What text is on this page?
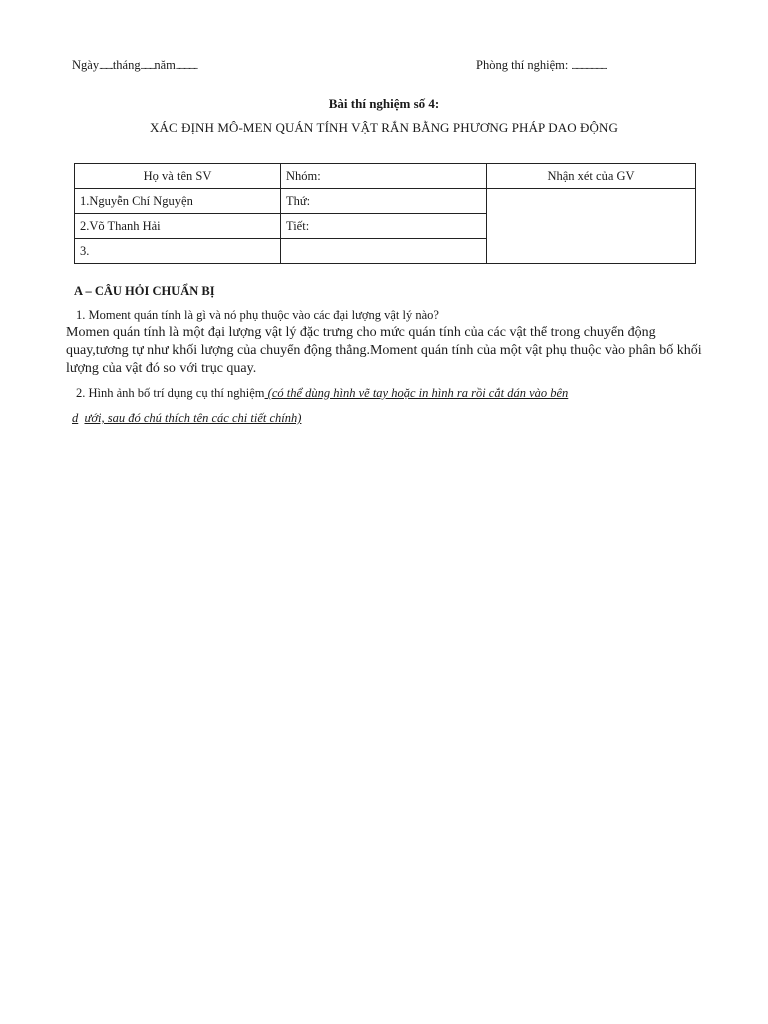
Ngày...........tháng...........năm.................	Phòng thí nghiệm: ............................
Bài thí nghiệm số 4:
XÁC ĐỊNH MÔ-MEN QUÁN TÍNH VẬT RẮN BẰNG PHƯƠNG PHÁP DAO ĐỘNG
Họ và tên SV	Nhóm:	Nhận xét của GV
1.Nguyễn Chí Nguyện	Thứ:	
2.Võ Thanh Hải	Tiết:	
3.		
A – CÂU HỎI CHUẨN BỊ
1. Moment quán tính là gì và nó phụ thuộc vào các đại lượng vật lý nào?
Momen quán tính là một đại lượng vật lý đặc trưng cho mức quán tính của các vật thể trong chuyển động quay,tương tự như khối lượng của chuyển động thẳng.Moment quán tính của một vật phụ thuộc vào phân bố khối lượng của vật đó so với trục quay.
2. Hình ảnh bố trí dụng cụ thí nghiệm (có thể dùng hình vẽ tay hoặc in hình ra rồi cắt dán vào bên
d ưới, sau đó chú thích tên các chi tiết chính)
